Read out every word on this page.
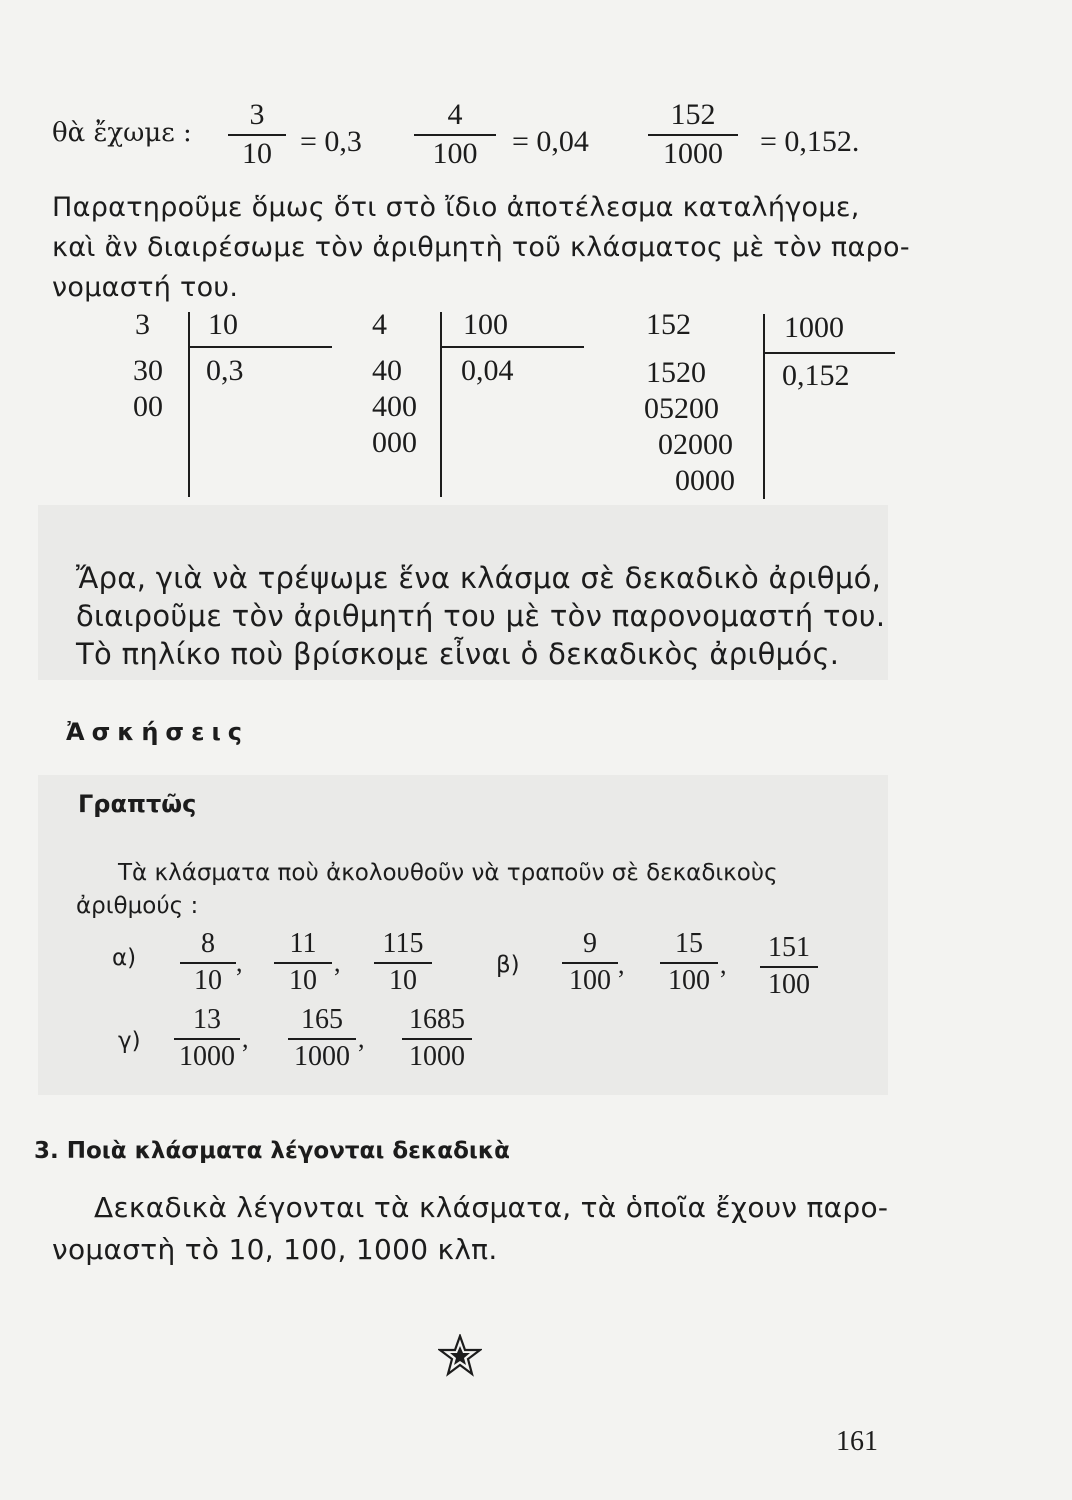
θὰ ἔχωμε :
3
10 = 0,3
4
100	= 0,04
152
1000	= 0,152.
Παρατηροῦμε ὅμως ὅτι στὸ ἴδιο ἀποτέλεσμα καταλήγομε,
καὶ ἂν διαιρέσωμε τὸν ἀριθμητὴ τοῦ κλάσματος μὲ τὸν παρο-
νομαστή του.
3 10
0,3
30
00
4	100
0,04
40
400
000
152	1000
0,152
1520
05200
02000
0000
Ἄρα, γιὰ νὰ τρέψωμε ἕνα κλάσμα σὲ δεκαδικὸ ἀριθμό,
διαιροῦμε τὸν ἀριθμητή του μὲ τὸν παρονομαστή του.
Τὸ πηλίκο ποὺ βρίσκομε εἶναι ὁ δεκαδικὸς ἀριθμός.
Ἀσκήσεις
Γραπτῶς
Τὰ κλάσματα ποὺ ἀκολουθοῦν νὰ τραποῦν σὲ δεκαδικοὺς
ἀριθμούς :
α)	8
10
,
11
10
,
115
10	β)
9
100
,
15
100
,
151
100
γ)
13
1000
,
165
1000
,
1685
1000
3. Ποιὰ κλάσματα λέγονται δεκαδικὰ
Δεκαδικὰ λέγονται τὰ κλάσματα, τὰ ὁποῖα ἔχουν παρο-
νομαστὴ τὸ 10, 100, 1000 κλπ.
161
